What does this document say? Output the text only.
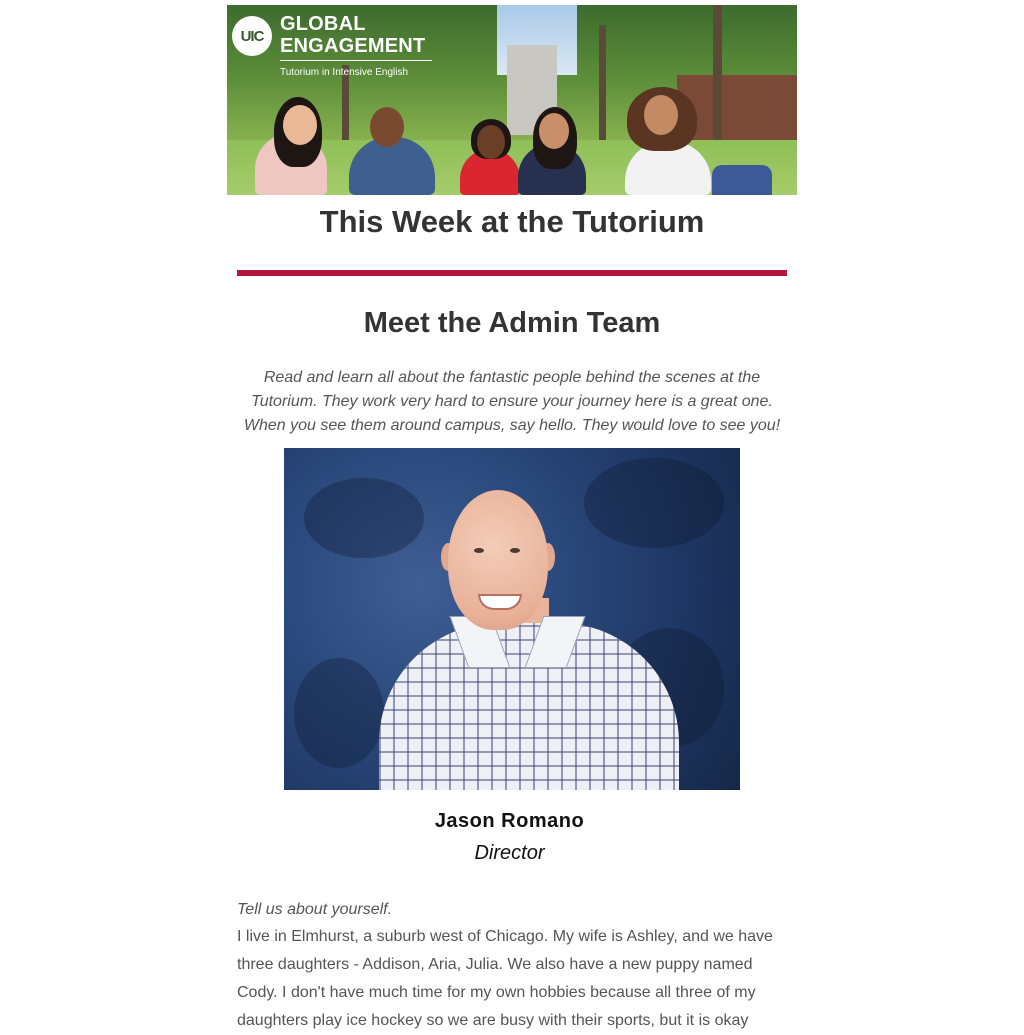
UIC
GLOBAL ENGAGEMENT
Tutorium in Intensive English
This Week at the Tutorium
Meet the Admin Team
Read and learn all about the fantastic people behind the scenes at the Tutorium. They work very hard to ensure your journey here is a great one. When you see them around campus, say hello. They would love to see you!
Jason Romano
Director
Tell us about yourself.
I live in Elmhurst, a suburb west of Chicago. My wife is Ashley, and we have three daughters - Addison, Aria, Julia. We also have a new puppy named Cody. I don't have much time for my own hobbies because all three of my daughters play ice hockey so we are busy with their sports, but it is okay
